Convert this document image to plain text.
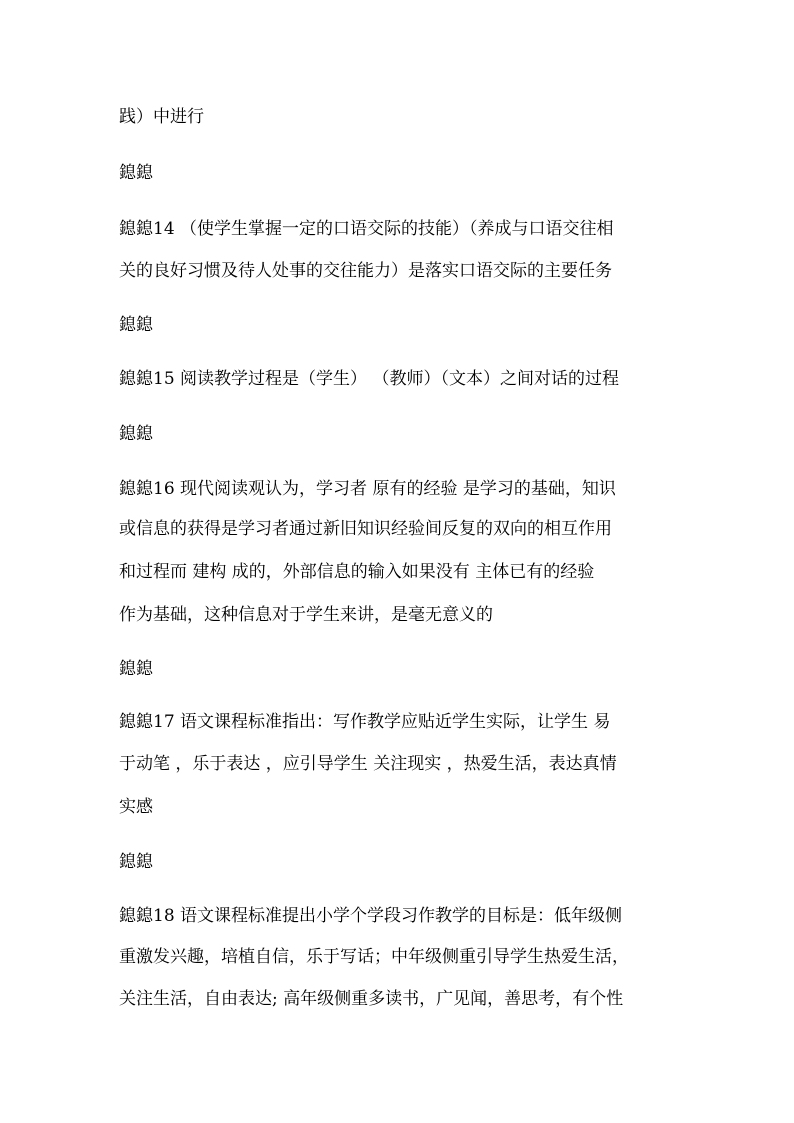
践）中进行
鎴鎴
鎴鎴14 （使学生掌握一定的口语交际的技能）（养成与口语交往相
关的良好习惯及待人处事的交往能力）是落实口语交际的主要任务
鎴鎴
鎴鎴15 阅读教学过程是（学生） （教师）（文本）之间对话的过程
鎴鎴
鎴鎴16 现代阅读观认为，学习者 原有的经验 是学习的基础，知识
或信息的获得是学习者通过新旧知识经验间反复的双向的相互作用
和过程而 建构 成的，外部信息的输入如果没有 主体已有的经验
作为基础，这种信息对于学生来讲，是毫无意义的
鎴鎴
鎴鎴17 语文课程标准指出：写作教学应贴近学生实际，让学生 易
于动笔 ，乐于表达 ，应引导学生 关注现实 ，热爱生活，表达真情
实感
鎴鎴
鎴鎴18 语文课程标准提出小学个学段习作教学的目标是：低年级侧
重激发兴趣，培植自信，乐于写话；中年级侧重引导学生热爱生活，
关注生活，自由表达; 高年级侧重多读书，广见闻，善思考，有个性
